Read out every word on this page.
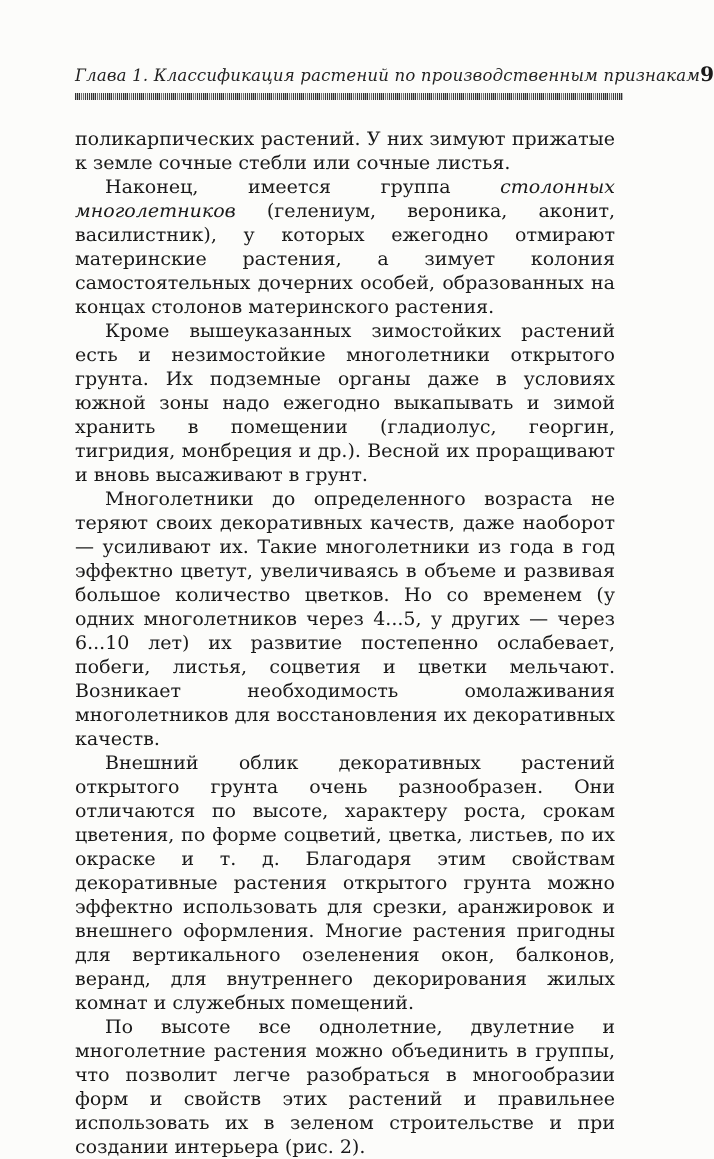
Глава 1. Классификация растений по производственным признакам 9

поликарпических растений. У них зимуют прижатые к земле сочные стебли или сочные листья.

Наконец, имеется группа столонных многолетников (гелениум, вероника, аконит, василистник), у которых ежегодно отмирают материнские растения, а зимует колония самостоятельных дочерних особей, образованных на концах столонов материнского растения.

Кроме вышеуказанных зимостойких растений есть и незимостойкие многолетники открытого грунта. Их подземные органы даже в условиях южной зоны надо ежегодно выкапывать и зимой хранить в помещении (гладиолус, георгин, тигридия, монбреция и др.). Весной их проращивают и вновь высаживают в грунт.

Многолетники до определенного возраста не теряют своих декоративных качеств, даже наоборот — усиливают их. Такие многолетники из года в год эффектно цветут, увеличиваясь в объеме и развивая большое количество цветков. Но со временем (у одних многолетников через 4...5, у других — через 6...10 лет) их развитие постепенно ослабевает, побеги, листья, соцветия и цветки мельчают. Возникает необходимость омолаживания многолетников для восстановления их декоративных качеств.

Внешний облик декоративных растений открытого грунта очень разнообразен. Они отличаются по высоте, характеру роста, срокам цветения, по форме соцветий, цветка, листьев, по их окраске и т. д. Благодаря этим свойствам декоративные растения открытого грунта можно эффектно использовать для срезки, аранжировок и внешнего оформления. Многие растения пригодны для вертикального озеленения окон, балконов, веранд, для внутреннего декорирования жилых комнат и служебных помещений.

По высоте все однолетние, двулетние и многолетние растения можно объединить в группы, что позволит легче разобраться в многообразии форм и свойств этих растений и правильнее использовать их в зеленом строительстве и при создании интерьера (рис. 2).
